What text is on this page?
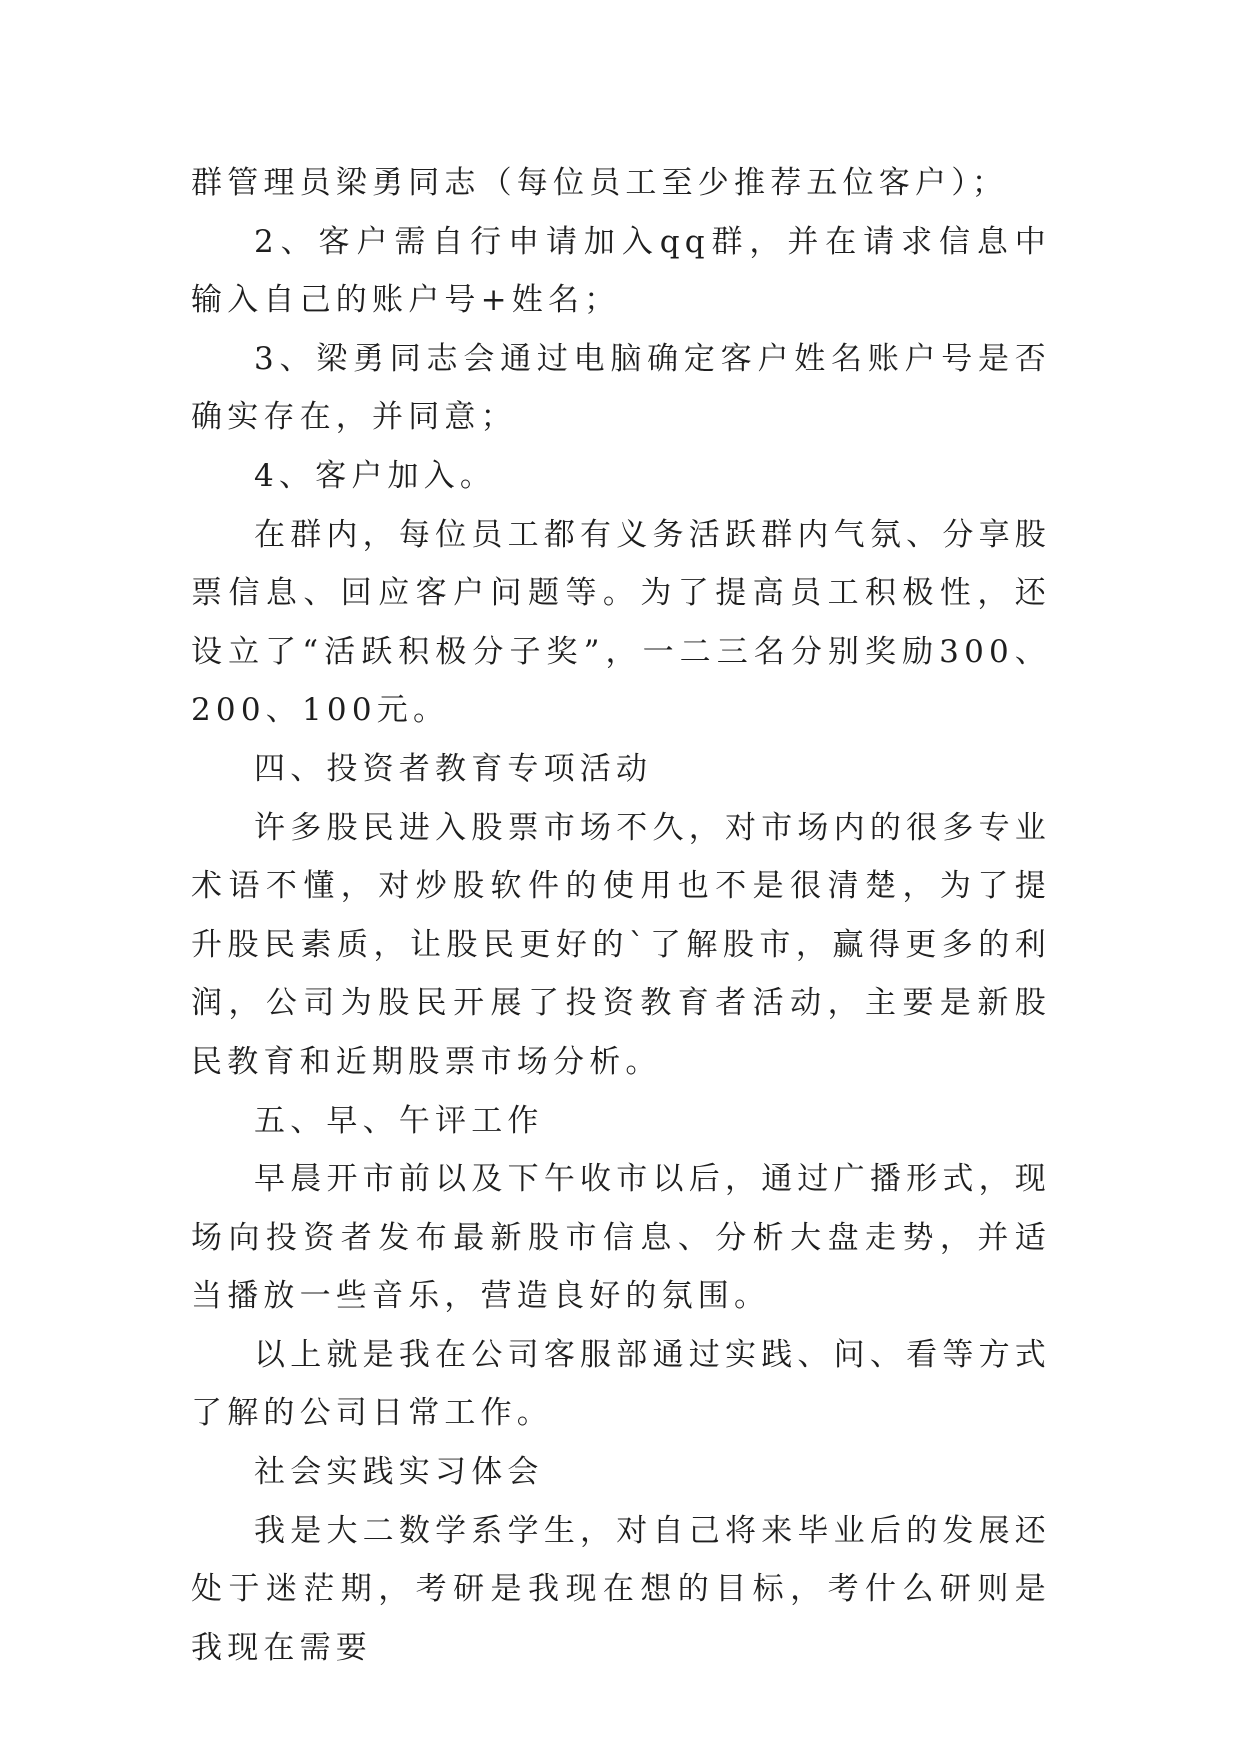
群管理员梁勇同志（每位员工至少推荐五位客户）；

2、客户需自行申请加入qq群，并在请求信息中输入自己的账户号+姓名；

3、梁勇同志会通过电脑确定客户姓名账户号是否确实存在，并同意；

4、客户加入。

在群内，每位员工都有义务活跃群内气氛、分享股票信息、回应客户问题等。为了提高员工积极性，还设立了“活跃积极分子奖”，一二三名分别奖励300、200、100元。

四、投资者教育专项活动

许多股民进入股票市场不久，对市场内的很多专业术语不懂，对炒股软件的使用也不是很清楚，为了提升股民素质，让股民更好的`了解股市，赢得更多的利润，公司为股民开展了投资教育者活动，主要是新股民教育和近期股票市场分析。

五、早、午评工作

早晨开市前以及下午收市以后，通过广播形式，现场向投资者发布最新股市信息、分析大盘走势，并适当播放一些音乐，营造良好的氛围。

以上就是我在公司客服部通过实践、问、看等方式了解的公司日常工作。

社会实践实习体会

我是大二数学系学生，对自己将来毕业后的发展还处于迷茫期，考研是我现在想的目标，考什么研则是我现在需要
